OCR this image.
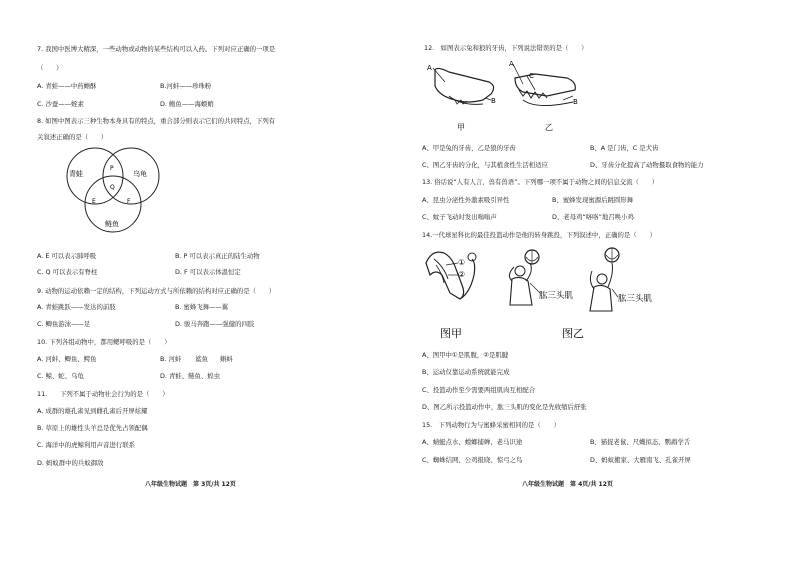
7. 我国中医博大精深，一些动物或动物的某些结构可以入药。下列对应正确的一项是
（　　）
A. 青蛙——中药蟾酥	B.河蚌——珍珠粉
C. 沙蚕——蛭素	D. 鲍鱼——海螵蛸
8. 如图中图表示三种生物本身具有的特点，重合部分则表示它们的共同特点，下列有
关叙述正确的是（　　）
青蛙	乌龟
鲢鱼
P
Q
E	F
A. E 可以表示肺呼吸	B. P 可以表示真正的陆生动物
C. Q 可以表示有脊柱	D. F 可以表示体温恒定
9. 动物的运动依赖一定的结构，下列运动方式与所依赖的结构对应正确的是（　　）
A. 青蛙跳跃——发达的前肢	B. 蜜蜂飞舞——翼
C. 鲫鱼游泳——足	D. 骏马奔跑——强健的四肢
10. 下列各组动物中，都用鳃呼吸的是（　　）
A. 河蚌、鲫鱼、鳄鱼	B. 河蚌 鲨鱼 蝌蚪
C. 鲸、蛇、乌龟	D. 青蛙、鲢鱼、蝗虫
11.　　下列不属于动物社会行为的是（　　）
A. 成群的雄孔雀见到雌孔雀后开屏炫耀
B. 草原上的雄性头羊总是优先占领配偶
C. 海洋中的虎鲸利用声音进行联系
D. 蚂蚁群中的兵蚁御敌
八年级生物试题　第 3页/共 12页
12.　如图表示兔和狼的牙齿，下列说法错误的是（　　）
A
B
甲
A
C
B
乙
A、甲是兔的牙齿，乙是狼的牙齿	B、A 是门齿，C 是犬齿
C、图乙牙齿的分化，与其植食性生活相适应	D、牙齿分化提高了动物摄取食物的能力
13. 俗话说“人有人言，兽有兽语”。下列哪一项不属于动物之间的信息交流（　　）
A、昆虫分泌性外激素吸引异性	B、蜜蜂发现蜜源后跳圆形舞
C、蚊子飞动时发出嗡嗡声	D、老母鸡“咯咯”地召唤小鸡
14.一代球星科比的最佳投篮动作是他的转身跳投，下列叙述中，正确的是（　　）
①
②
肱三头肌	肱三头肌
图甲	图乙
A、图甲中①是肌腹，②是肌腱
B、运动仅靠运动系统就能完成
C、投篮动作至少需要两组肌肉互相配合
D、图乙所示投篮动作中，肱三头肌的变化是先收缩后舒张
15.　下列动物行为与蜜蜂采蜜相同的是（　　）
A、蜻蜓点水、螳螂捕蝉、老马识途	B、猫捉老鼠、尺蠖拟态、鹦鹉学舌
C、蜘蛛结网、公鸡报晓、惊弓之鸟	D、蚂蚁搬家、大雁南飞、孔雀开屏
八年级生物试题　第 4页/共 12页
